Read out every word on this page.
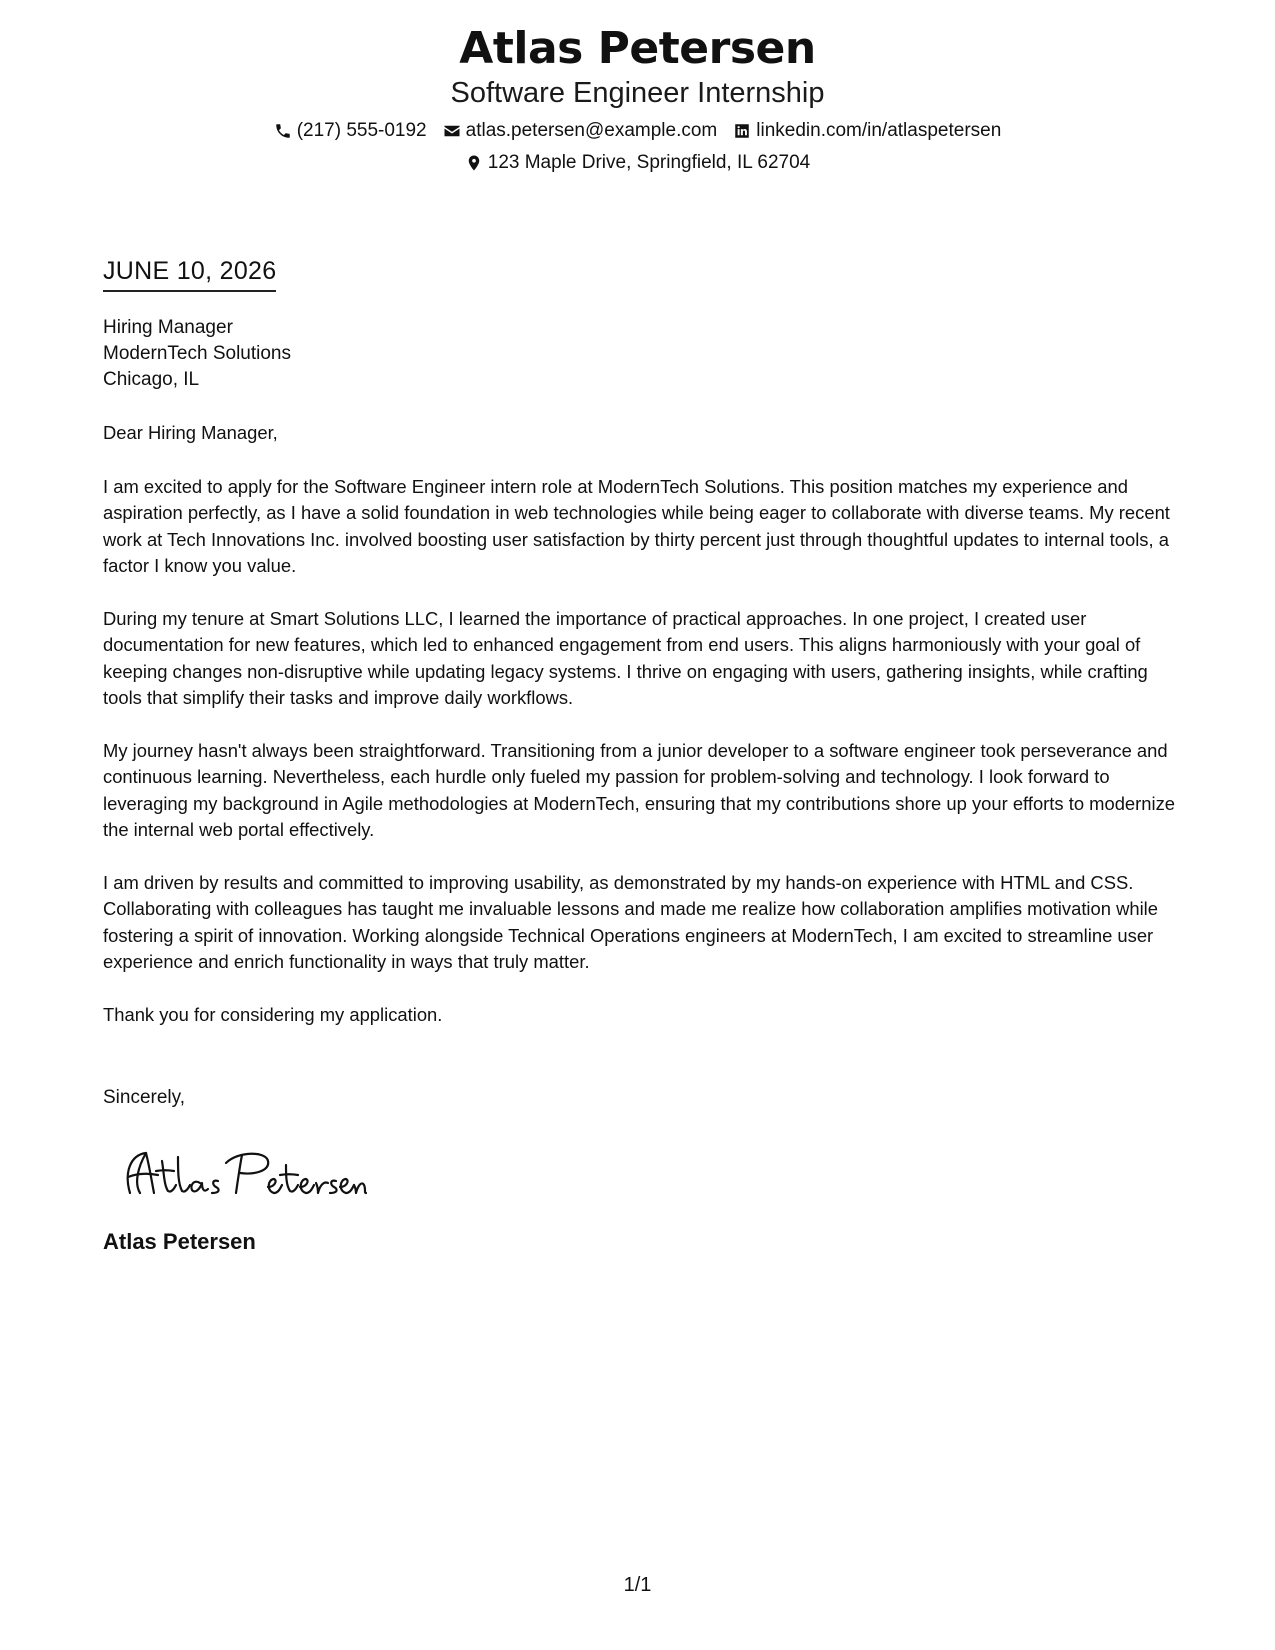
Atlas Petersen
Software Engineer Internship
(217) 555-0192 atlas.petersen@example.com linkedin.com/in/atlaspetersen
123 Maple Drive, Springfield, IL 62704
JUNE 10, 2026
Hiring Manager
ModernTech Solutions
Chicago, IL

Dear Hiring Manager,

I am excited to apply for the Software Engineer intern role at ModernTech Solutions. This position matches my experience and aspiration perfectly, as I have a solid foundation in web technologies while being eager to collaborate with diverse teams. My recent work at Tech Innovations Inc. involved boosting user satisfaction by thirty percent just through thoughtful updates to internal tools, a factor I know you value.

During my tenure at Smart Solutions LLC, I learned the importance of practical approaches. In one project, I created user documentation for new features, which led to enhanced engagement from end users. This aligns harmoniously with your goal of keeping changes non-disruptive while updating legacy systems. I thrive on engaging with users, gathering insights, while crafting tools that simplify their tasks and improve daily workflows.

My journey hasn't always been straightforward. Transitioning from a junior developer to a software engineer took perseverance and continuous learning. Nevertheless, each hurdle only fueled my passion for problem-solving and technology. I look forward to leveraging my background in Agile methodologies at ModernTech, ensuring that my contributions shore up your efforts to modernize the internal web portal effectively.

I am driven by results and committed to improving usability, as demonstrated by my hands-on experience with HTML and CSS. Collaborating with colleagues has taught me invaluable lessons and made me realize how collaboration amplifies motivation while fostering a spirit of innovation. Working alongside Technical Operations engineers at ModernTech, I am excited to streamline user experience and enrich functionality in ways that truly matter.

Thank you for considering my application.

Sincerely,
Atlas Petersen
1/1
